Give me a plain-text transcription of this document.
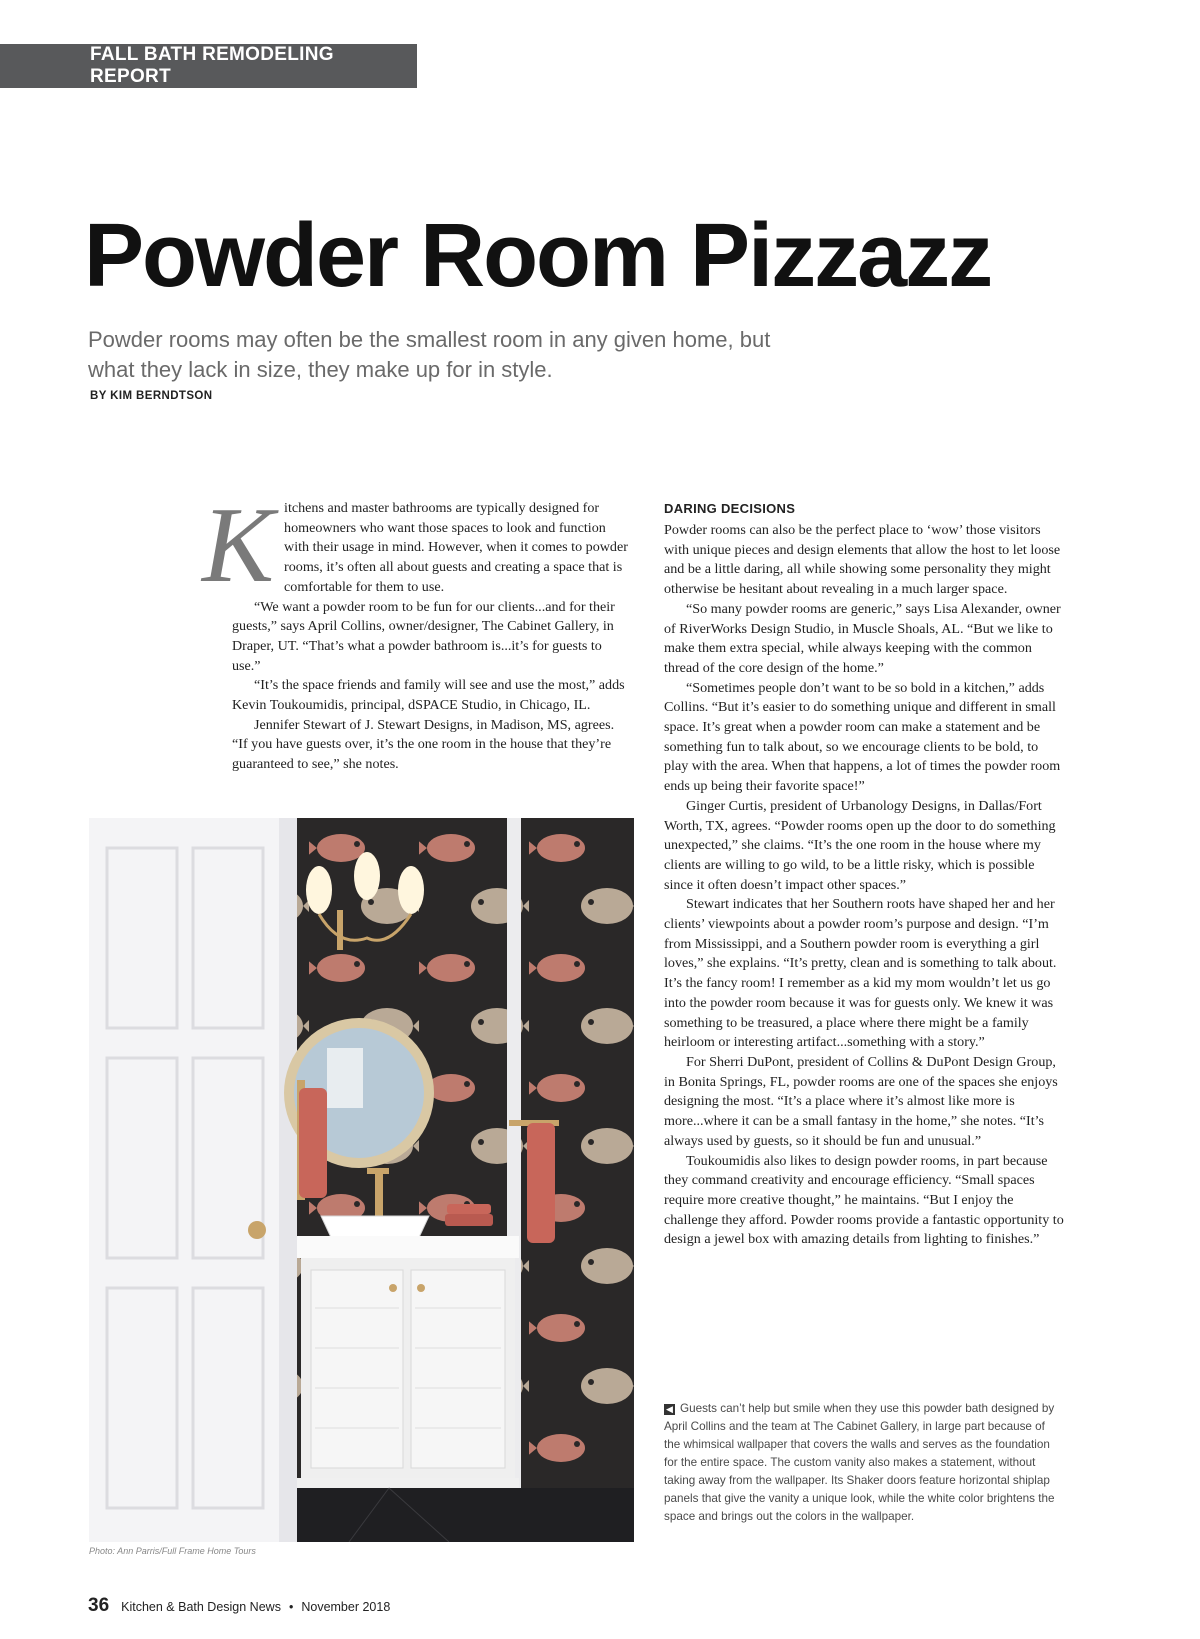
FALL BATH REMODELING REPORT
Powder Room Pizzazz
Powder rooms may often be the smallest room in any given home, but what they lack in size, they make up for in style.
BY KIM BERNDTSON
K itchens and master bathrooms are typically designed for homeowners who want those spaces to look and function with their usage in mind. However, when it comes to powder rooms, it’s often all about guests and creating a space that is comfortable for them to use.

“We want a powder room to be fun for our clients...and for their guests,” says April Collins, owner/designer, The Cabinet Gallery, in Draper, UT. “That’s what a powder bathroom is...it’s for guests to use.”

“It’s the space friends and family will see and use the most,” adds Kevin Toukoumidis, principal, dSPACE Studio, in Chicago, IL.

Jennifer Stewart of J. Stewart Designs, in Madison, MS, agrees. “If you have guests over, it’s the one room in the house that they’re guaranteed to see,” she notes.

DARING DECISIONS

Powder rooms can also be the perfect place to ‘wow’ those visitors with unique pieces and design elements that allow the host to let loose and be a little daring, all while showing some personality they might otherwise be hesitant about revealing in a much larger space.

“So many powder rooms are generic,” says Lisa Alexander, owner of RiverWorks Design Studio, in Muscle Shoals, AL. “But we like to make them extra special, while always keeping with the common thread of the core design of the home.”

“Sometimes people don’t want to be so bold in a kitchen,” adds Collins. “But it’s easier to do something unique and different in small space. It’s great when a powder room can make a statement and be something fun to talk about, so we encourage clients to be bold, to play with the area. When that happens, a lot of times the powder room ends up being their favorite space!”

Ginger Curtis, president of Urbanology Designs, in Dallas/Fort Worth, TX, agrees. “Powder rooms open up the door to do something unexpected,” she claims. “It’s the one room in the house where my clients are willing to go wild, to be a little risky, which is possible since it often doesn’t impact other spaces.”

Stewart indicates that her Southern roots have shaped her and her clients’ viewpoints about a powder room’s purpose and design. “I’m from Mississippi, and a Southern powder room is everything a girl loves,” she explains. “It’s pretty, clean and is something to talk about. It’s the fancy room! I remember as a kid my mom wouldn’t let us go into the powder room because it was for guests only. We knew it was something to be treasured, a place where there might be a family heirloom or interesting artifact...something with a story.”

For Sherri DuPont, president of Collins & DuPont Design Group, in Bonita Springs, FL, powder rooms are one of the spaces she enjoys designing the most. “It’s a place where it’s almost like more is more...where it can be a small fantasy in the home,” she notes. “It’s always used by guests, so it should be fun and unusual.”

Toukoumidis also likes to design powder rooms, in part because they command creativity and encourage efficiency. “Small spaces require more creative thought,” he maintains. “But I enjoy the challenge they afford. Powder rooms provide a fantastic opportunity to design a jewel box with amazing details from lighting to finishes.”

Photo: Ann Parris/Full Frame Home Tours
◀ Guests can’t help but smile when they use this powder bath designed by April Collins and the team at The Cabinet Gallery, in large part because of the whimsical wallpaper that covers the walls and serves as the foundation for the entire space. The custom vanity also makes a statement, without taking away from the wallpaper. Its Shaker doors feature horizontal shiplap panels that give the vanity a unique look, while the white color brightens the space and brings out the colors in the wallpaper.
36 Kitchen & Bath Design News • November 2018
